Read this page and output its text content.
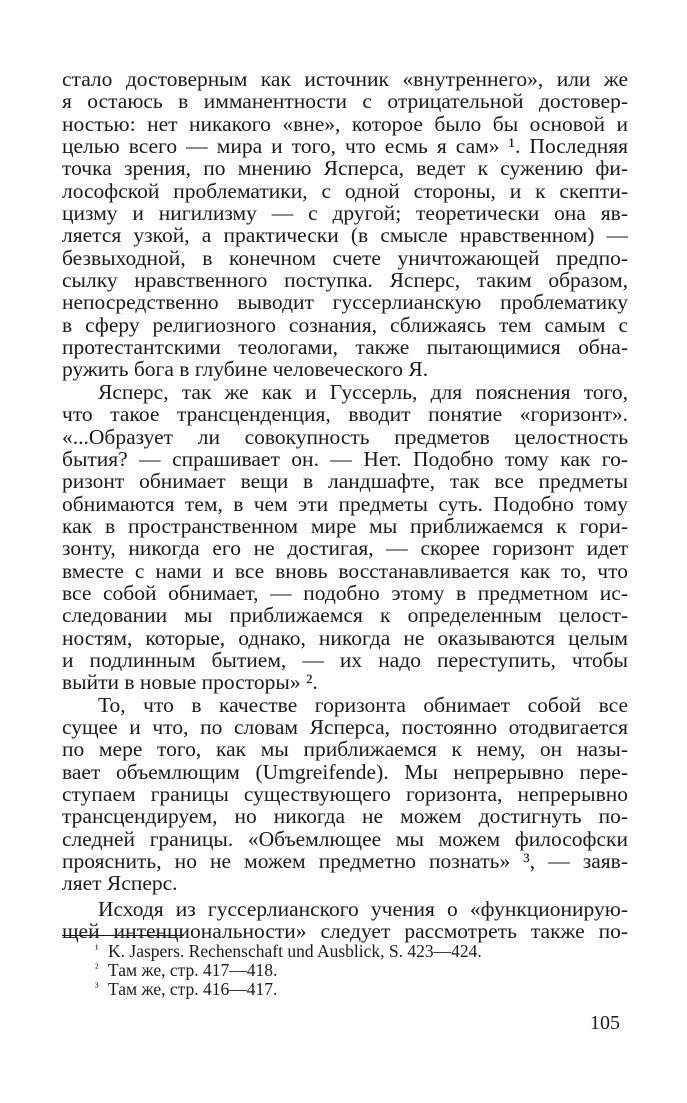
стало достоверным как источник «внутреннего», или же
я остаюсь в имманентности с отрицательной достовер-
ностью: нет никакого «вне», которое было бы основой и
целью всего — мира и того, что есмь я сам» ¹. Последняя
точка зрения, по мнению Ясперса, ведет к сужению фи-
лософской проблематики, с одной стороны, и к скепти-
цизму и нигилизму — с другой; теоретически она яв-
ляется узкой, а практически (в смысле нравственном) —
безвыходной, в конечном счете уничтожающей предпо-
сылку нравственного поступка. Ясперс, таким образом,
непосредственно выводит гуссерлианскую проблематику
в сферу религиозного сознания, сближаясь тем самым с
протестантскими теологами, также пытающимися обна-
ружить бога в глубине человеческого Я.
Ясперс, так же как и Гуссерль, для пояснения того,
что такое трансценденция, вводит понятие «горизонт».
«...Образует ли совокупность предметов целостность
бытия? — спрашивает он. — Нет. Подобно тому как го-
ризонт обнимает вещи в ландшафте, так все предметы
обнимаются тем, в чем эти предметы суть. Подобно тому
как в пространственном мире мы приближаемся к гори-
зонту, никогда его не достигая, — скорее горизонт идет
вместе с нами и все вновь восстанавливается как то, что
все собой обнимает, — подобно этому в предметном ис-
следовании мы приближаемся к определенным целост-
ностям, которые, однако, никогда не оказываются целым
и подлинным бытием, — их надо переступить, чтобы
выйти в новые просторы» ².
То, что в качестве горизонта обнимает собой все
сущее и что, по словам Ясперса, постоянно отодвигается
по мере того, как мы приближаемся к нему, он назы-
вает объемлющим (Umgreifende). Мы непрерывно пере-
ступаем границы существующего горизонта, непрерывно
трансцендируем, но никогда не можем достигнуть по-
следней границы. «Объемлющее мы можем философски
прояснить, но не можем предметно познать» ³, — заяв-
ляет Ясперс.
Исходя из гуссерлианского учения о «функционирую-
щей интенциональности» следует рассмотреть также по-
¹ K. Jaspers. Rechenschaft und Ausblick, S. 423—424.
² Там же, стр. 417—418.
³ Там же, стр. 416—417.
105
